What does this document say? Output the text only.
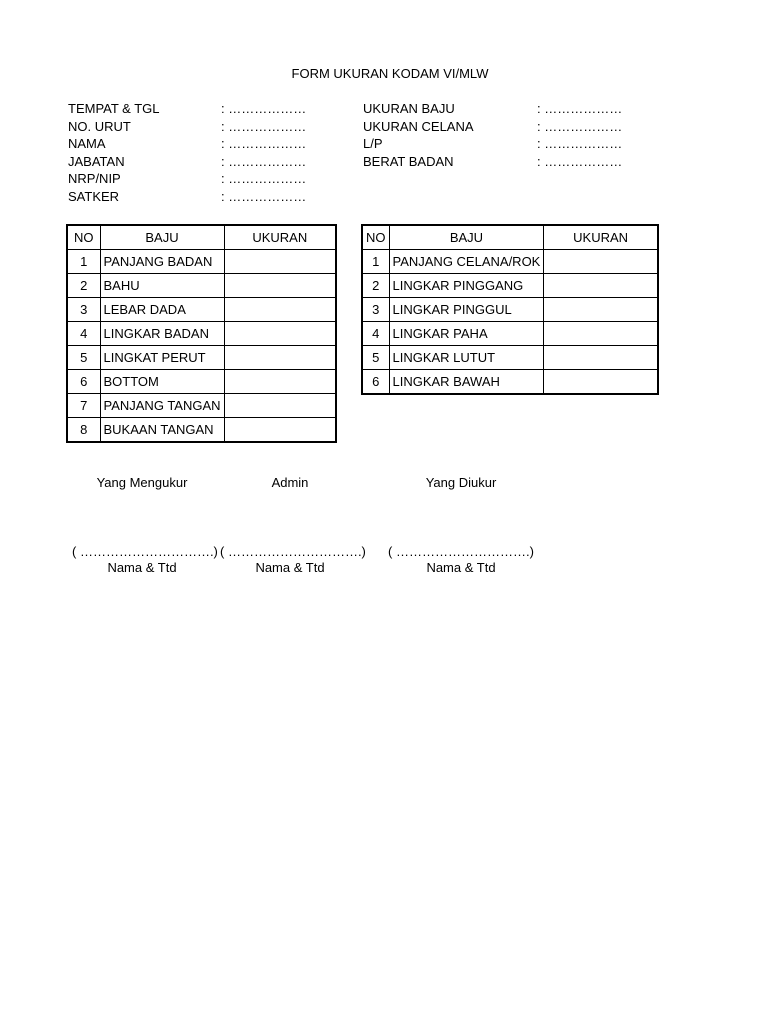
FORM UKURAN KODAM VI/MLW
TEMPAT & TGL	: ………………
NO. URUT	: ………………
NAMA	: ………………
JABATAN	: ………………
NRP/NIP	: ………………
SATKER	: ………………
UKURAN BAJU	: ………………
UKURAN CELANA	: ………………
L/P	: ………………
BERAT BADAN	: ………………
NO	BAJU	UKURAN
1	PANJANG BADAN	
2	BAHU	
3	LEBAR DADA	
4	LINGKAR BADAN	
5	LINGKAT PERUT	
6	BOTTOM	
7	PANJANG TANGAN	
8	BUKAAN TANGAN	
NO	BAJU	UKURAN
1	PANJANG CELANA/ROK	
2	LINGKAR PINGGANG	
3	LINGKAR PINGGUL	
4	LINGKAR PAHA	
5	LINGKAR LUTUT	
6	LINGKAR BAWAH	
Yang Mengukur	Admin	Yang Diukur
( ………………………….)
Nama & Ttd
( ………………………….)
Nama & Ttd
( ………………………….)
Nama & Ttd
